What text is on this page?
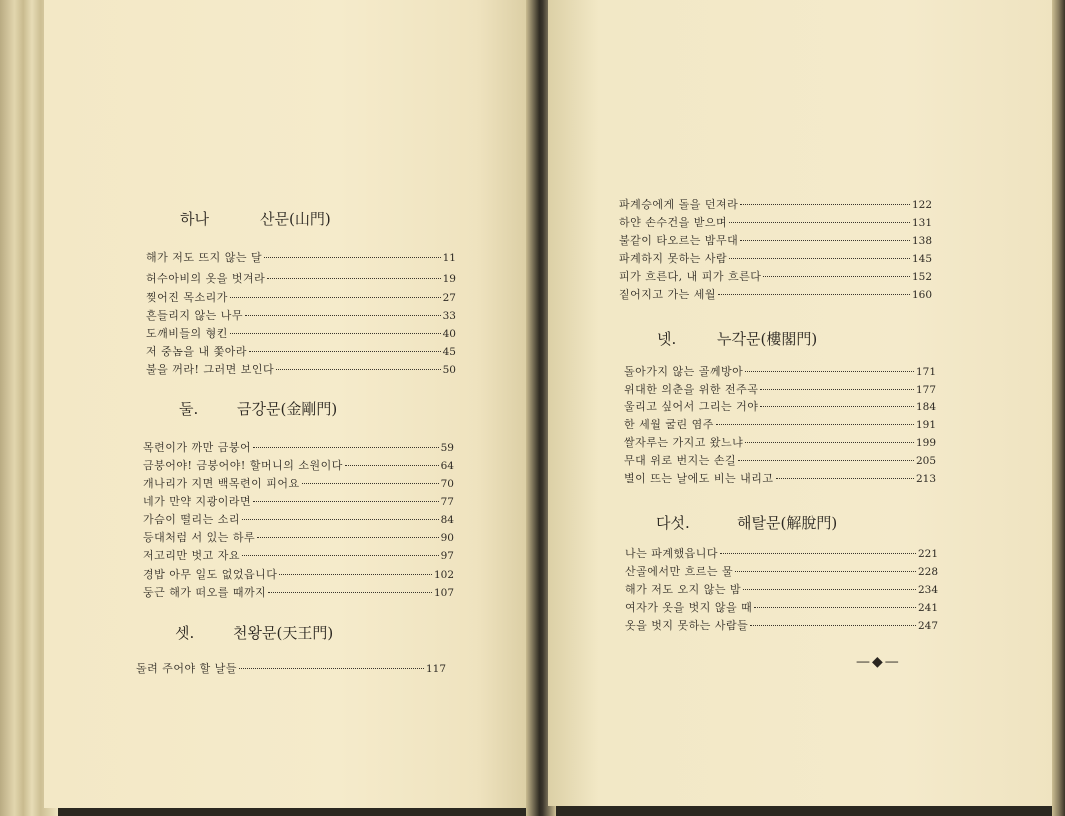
하나	산문(山門)
해가 저도 뜨지 않는 달	11
허수아비의 옷을 벗겨라	19
찢어진 목소리가	27
흔들리지 않는 나무	33
도깨비들의 형킨	40
저 중놈을 내 쫓아라	45
불을 꺼라! 그러면 보인다	50
둘.	금강문(金剛門)
목련이가 까만 금붕어	59
금붕어야! 금붕어야! 할머니의 소원이다	64
개나리가 지면 백목련이 피어요	70
네가 만약 지광이라면	77
가슴이 떨리는 소리	84
등대처럼 서 있는 하루	90
저고리만 벗고 자요	97
경밥 아무 일도 없었읍니다	102
둥근 해가 떠오를 때까지	107
셋.	천왕문(天王門)
돌려 주어야 할 날들	117
파계승에게 돌을 던져라	122
하얀 손수건을 받으며	131
불같이 타오르는 밤무대	138
파계하지 못하는 사람	145
피가 흐른다, 내 피가 흐른다	152
짙어지고 가는 세월	160
넷.	누각문(樓閣門)
돌아가지 않는 골께방아	171
위대한 의춘을 위한 전주곡	177
울리고 싶어서 그리는 거야	184
한 세월 굴린 염주	191
쌀자루는 가지고 왔느냐	199
무대 위로 번지는 손길	205
별이 뜨는 날에도 비는 내리고	213
다섯.	해탈문(解脫門)
나는 파계했읍니다	221
산골에서만 흐르는 물	228
해가 저도 오지 않는 밤	234
여자가 옷을 벗지 않을 때	241
옷을 벗지 못하는 사람들	247
—◆—
